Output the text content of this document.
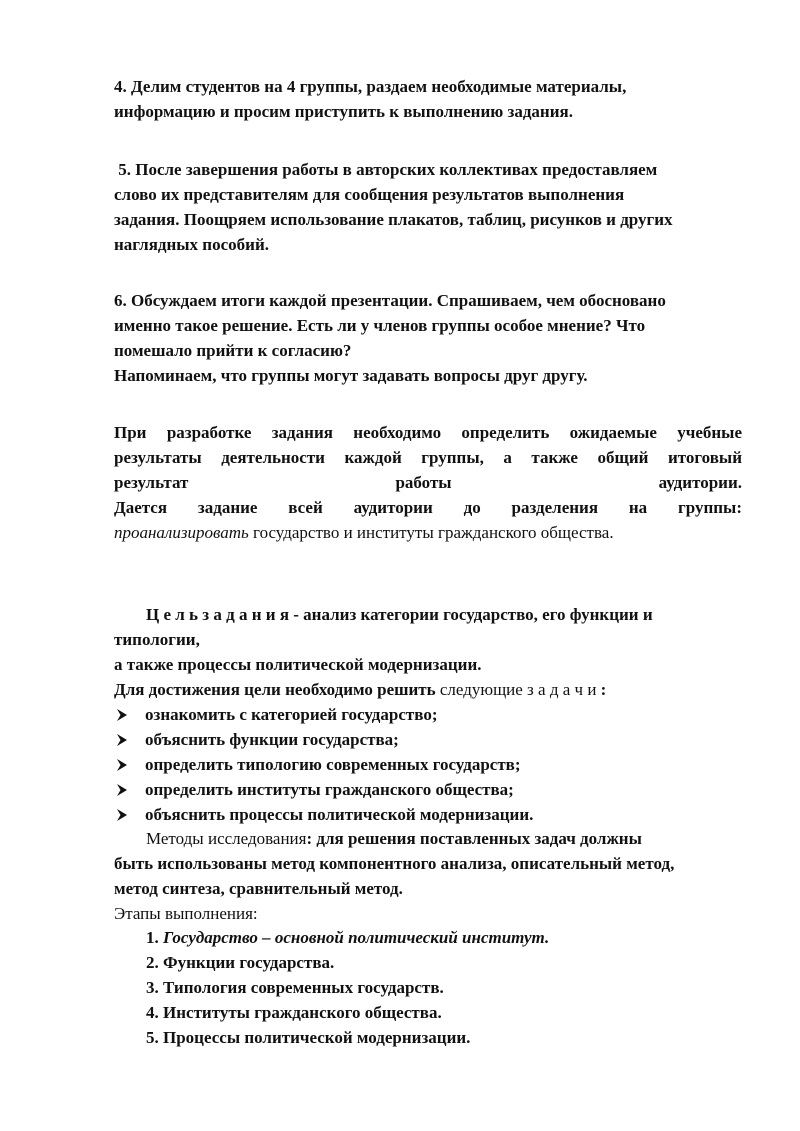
4. Делим студентов на 4 группы, раздаем необходимые материалы,
информацию и просим приступить к выполнению задания.
5. После завершения работы в авторских коллективах предоставляем
слово их представителям для сообщения результатов выполнения
задания. Поощряем использование плакатов, таблиц, рисунков и других
наглядных пособий.
6. Обсуждаем итоги каждой презентации. Спрашиваем, чем обосновано
именно такое решение. Есть ли у членов группы особое мнение? Что
помешало прийти к согласию?
Напоминаем, что группы могут задавать вопросы друг другу.
При разработке задания необходимо определить ожидаемые учебные
результаты деятельности каждой группы, а также общий итоговый
результат работы аудитории.
Дается задание всей аудитории до разделения на группы:
проанализировать государство и институты гражданского общества.
Ц е л ь з а д а н и я - анализ категории государство, его функции и
типологии,
а также процессы политической модернизации.
Для достижения цели необходимо решить следующие з а д а ч и :
ознакомить с категорией государство;
объяснить функции государства;
определить типологию современных государств;
определить институты гражданского общества;
объяснить процессы политической модернизации.
Методы исследования: для решения поставленных задач должны
быть использованы метод компонентного анализа, описательный метод,
метод синтеза, сравнительный метод.
Этапы выполнения:
1. Государство – основной политический институт.
2. Функции государства.
3. Типология современных государств.
4. Институты гражданского общества.
5. Процессы политической модернизации.
